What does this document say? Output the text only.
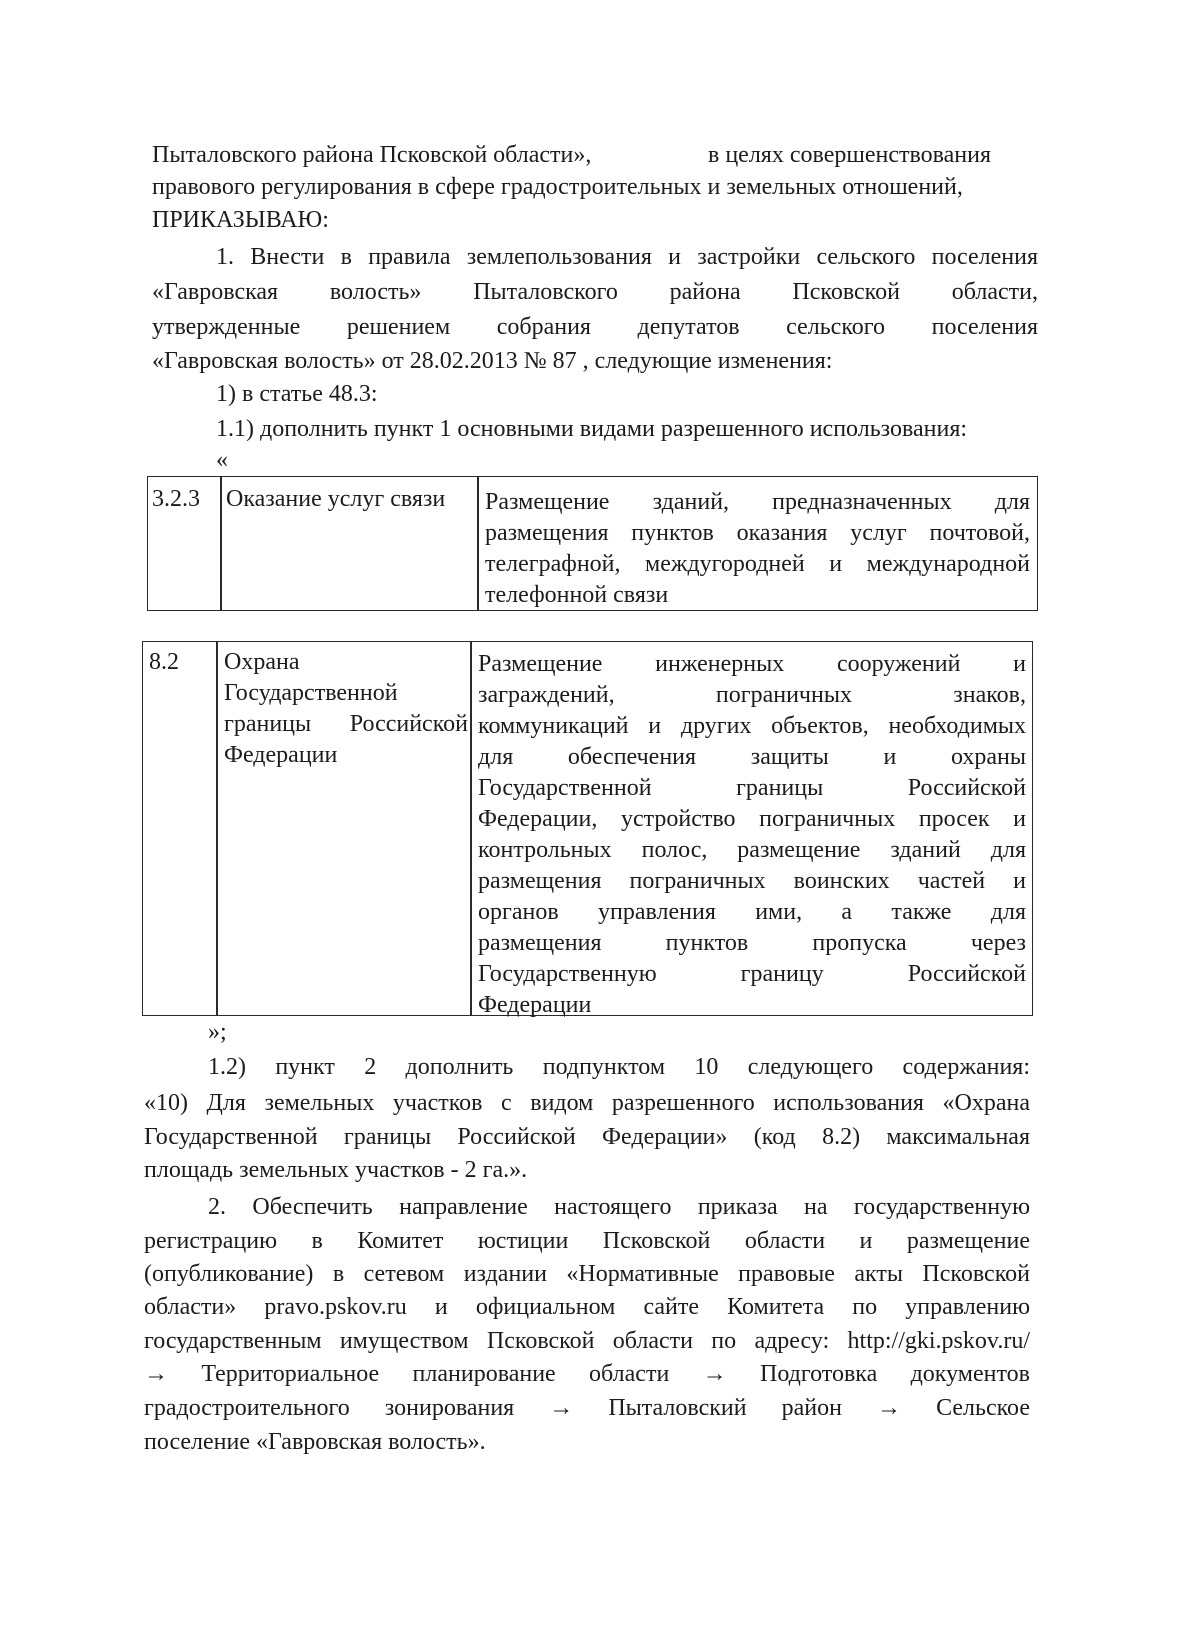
Пыталовского района Псковской области»,	в целях совершенствования
правового регулирования в сфере градостроительных и земельных отношений,
ПРИКАЗЫВАЮ:
1. Внести в правила землепользования и застройки сельского поселения
«Гавровская волость» Пыталовского района Псковской области,
утвержденные решением собрания депутатов сельского поселения
«Гавровская волость» от 28.02.2013 № 87 , следующие изменения:
1) в статье 48.3:
1.1) дополнить пункт 1 основными видами разрешенного использования:
«
3.2.3 Оказание услуг связи Размещение зданий, предназначенных для
размещения пунктов оказания услуг почтовой,
телеграфной, междугородней и международной
телефонной связи
8.2 Охрана
Государственной
границы Российской
Федерации
Размещение инженерных сооружений и
заграждений, пограничных знаков,
коммуникаций и других объектов, необходимых
для обеспечения защиты и охраны
Государственной границы Российской
Федерации, устройство пограничных просек и
контрольных полос, размещение зданий для
размещения пограничных воинских частей и
органов управления ими, а также для
размещения пунктов пропуска через
Государственную границу Российской
Федерации
»;
1.2) пункт 2 дополнить подпунктом 10 следующего содержания:
«10) Для земельных участков с видом разрешенного использования «Охрана
Государственной границы Российской Федерации» (код 8.2) максимальная
площадь земельных участков - 2 га.».
2. Обеспечить направление настоящего приказа на государственную
регистрацию в Комитет юстиции Псковской области и размещение
(опубликование) в сетевом издании «Нормативные правовые акты Псковской
области» pravo.pskov.ru и официальном сайте Комитета по управлению
государственным имуществом Псковской области по адресу: http://gki.pskov.ru/
→ Территориальное планирование области → Подготовка документов
градостроительного зонирования → Пыталовский район → Сельское
поселение «Гавровская волость».
